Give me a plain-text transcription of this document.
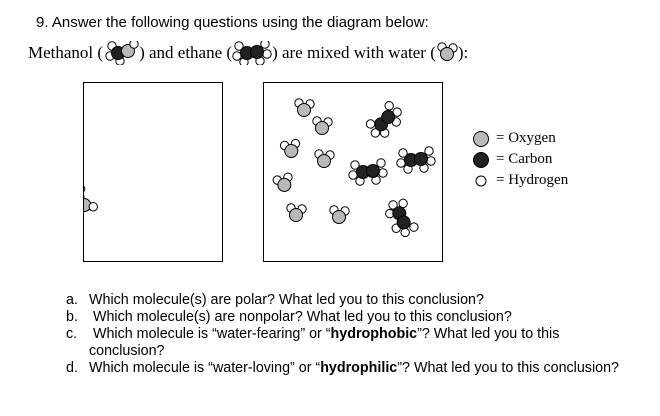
9. Answer the following questions using the diagram below:
Methanol ( ) and ethane ( ) are mixed with water ( ):
= Oxygen
= Carbon
= Hydrogen
a. Which molecule(s) are polar? What led you to this conclusion?
b.	Which molecule(s) are nonpolar? What led you to this conclusion?
c.	Which molecule is “water-fearing” or “hydrophobic”? What led you to this conclusion?
d. Which molecule is “water-loving” or “hydrophilic”? What led you to this conclusion?
